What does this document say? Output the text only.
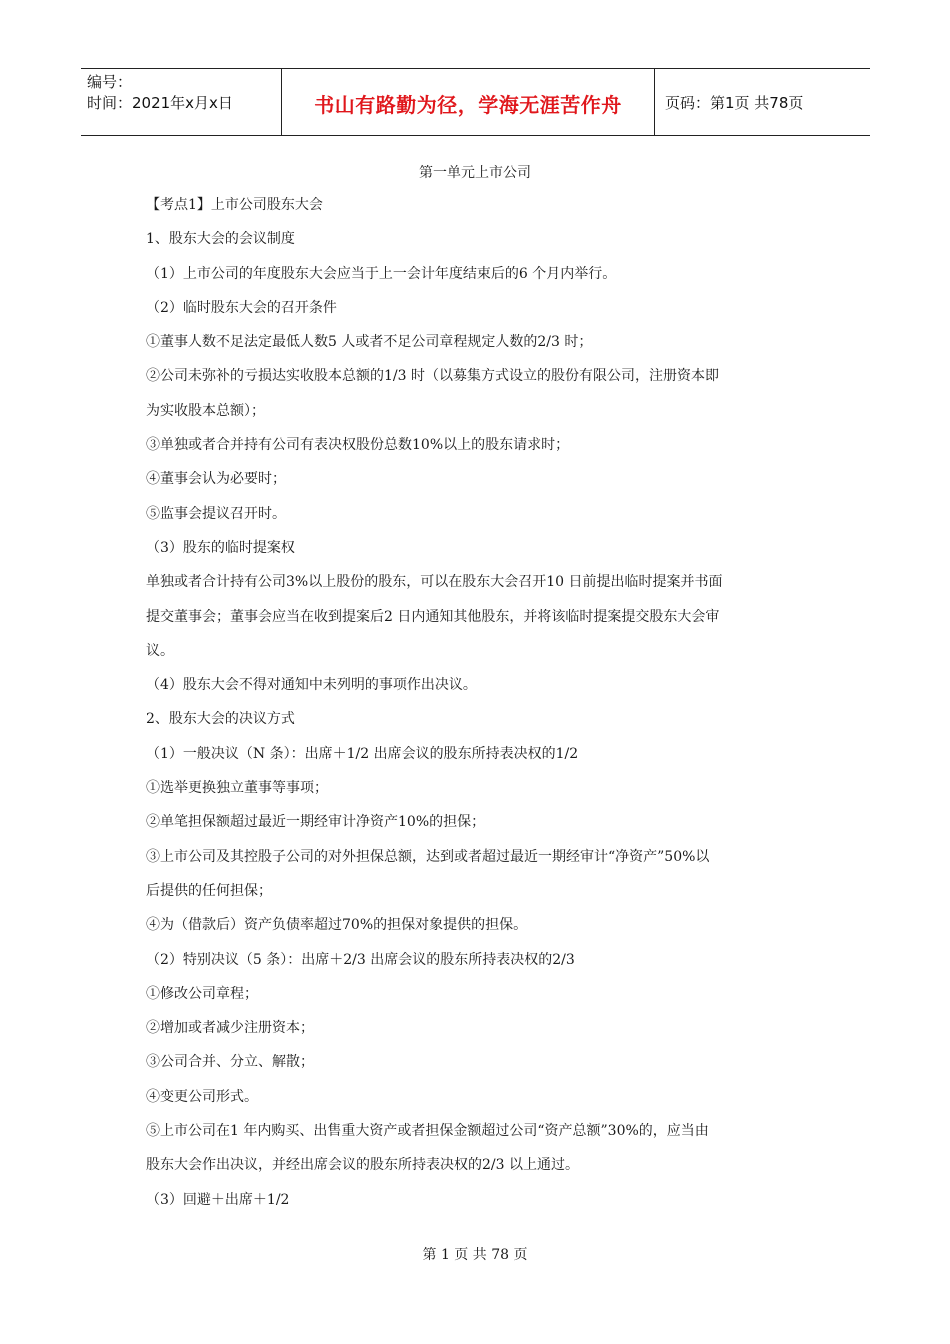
编号：
时间：2021年x月x日	书山有路勤为径，学海无涯苦作舟	页码：第1页 共78页
第一单元上市公司
【考点1】上市公司股东大会
1、股东大会的会议制度
（1）上市公司的年度股东大会应当于上一会计年度结束后的6 个月内举行。
（2）临时股东大会的召开条件
①董事人数不足法定最低人数5 人或者不足公司章程规定人数的2/3 时；
②公司未弥补的亏损达实收股本总额的1/3 时（以募集方式设立的股份有限公司，注册资本即
为实收股本总额）；
③单独或者合并持有公司有表决权股份总数10%以上的股东请求时；
④董事会认为必要时；
⑤监事会提议召开时。
（3）股东的临时提案权
单独或者合计持有公司3%以上股份的股东，可以在股东大会召开10 日前提出临时提案并书面
提交董事会；董事会应当在收到提案后2 日内通知其他股东，并将该临时提案提交股东大会审
议。
（4）股东大会不得对通知中未列明的事项作出决议。
2、股东大会的决议方式
（1）一般决议（N 条）：出席＋1/2 出席会议的股东所持表决权的1/2
①选举更换独立董事等事项；
②单笔担保额超过最近一期经审计净资产10%的担保；
③上市公司及其控股子公司的对外担保总额，达到或者超过最近一期经审计“净资产”50%以
后提供的任何担保；
④为（借款后）资产负债率超过70%的担保对象提供的担保。
（2）特别决议（5 条）：出席＋2/3 出席会议的股东所持表决权的2/3
①修改公司章程；
②增加或者减少注册资本；
③公司合并、分立、解散；
④变更公司形式。
⑤上市公司在1 年内购买、出售重大资产或者担保金额超过公司“资产总额”30%的，应当由
股东大会作出决议，并经出席会议的股东所持表决权的2/3 以上通过。
（3）回避＋出席＋1/2
第 1 页 共 78 页
